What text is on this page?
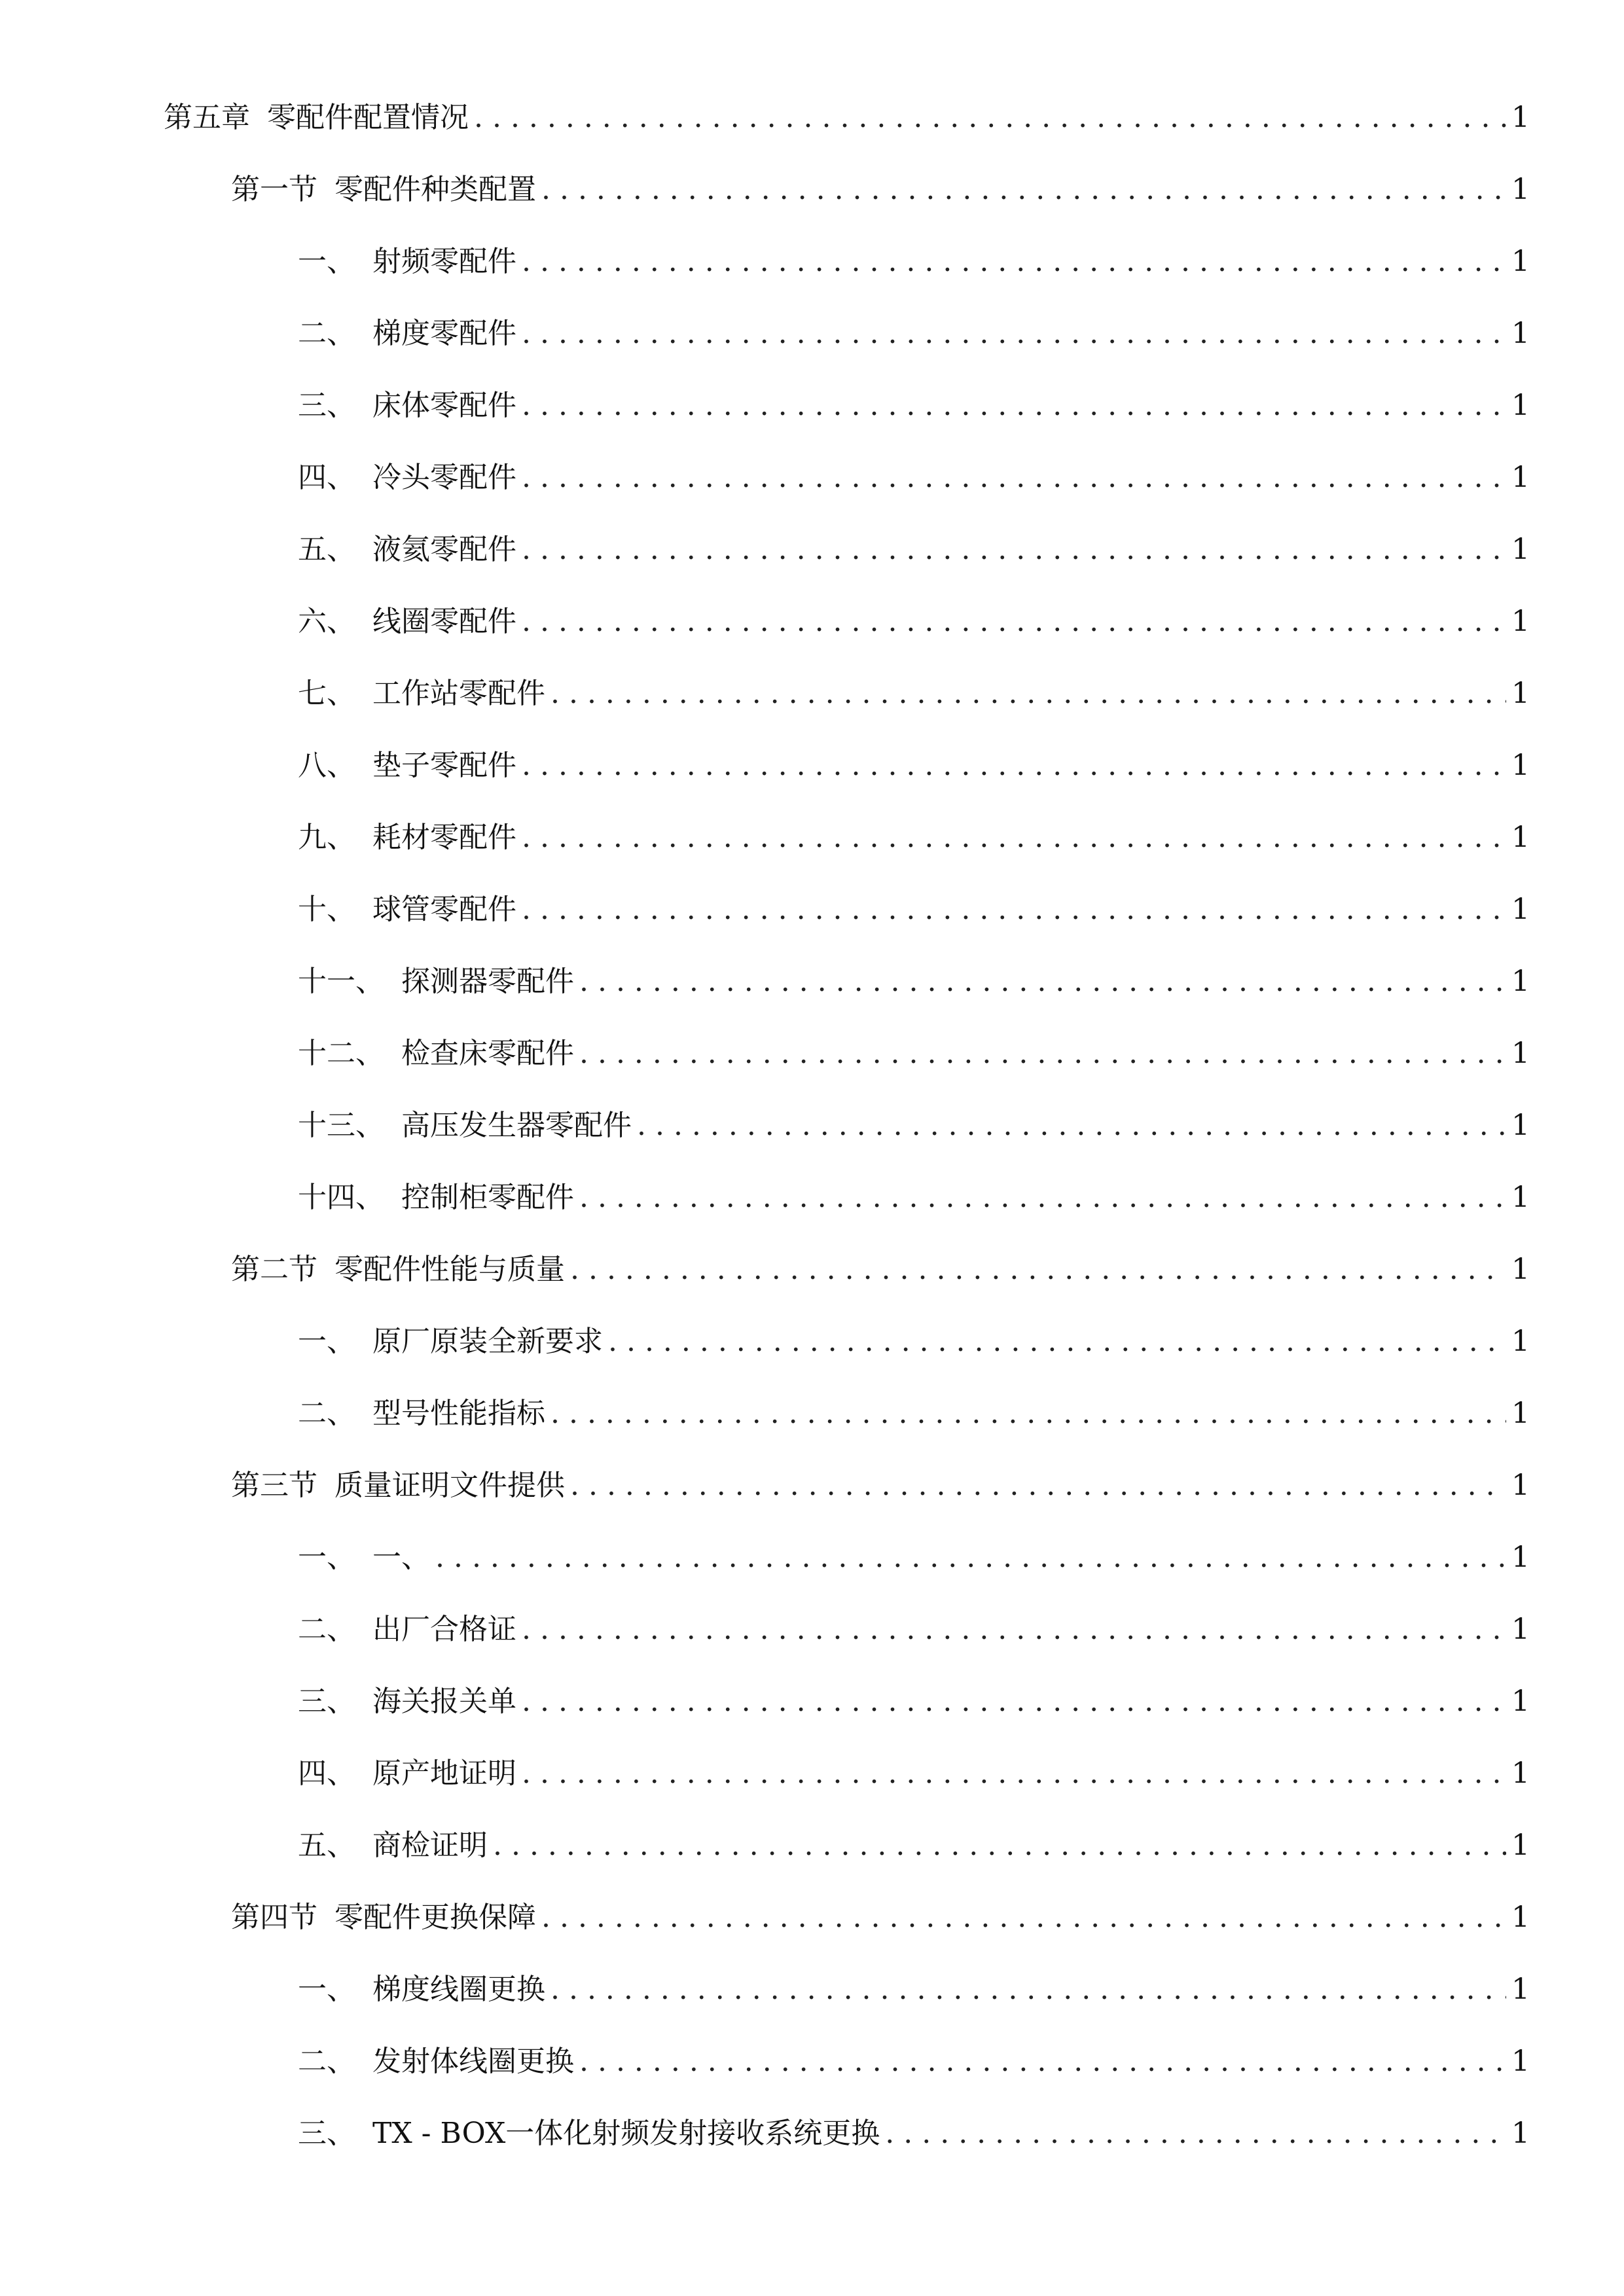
第五章 零配件配置情况 . . .	1
第一节 零配件种类配置 . . .	1
一、 射频零配件 . . .	1
二、 梯度零配件 . . .	1
三、 床体零配件 . . .	1
四、 冷头零配件 . . .	1
五、 液氦零配件 . . .	1
六、 线圈零配件 . . .	1
七、 工作站零配件 . . .	1
八、 垫子零配件 . . .	1
九、 耗材零配件 . . .	1
十、 球管零配件 . . .	1
十一、 探测器零配件 . . .	1
十二、 检查床零配件 . . .	1
十三、 高压发生器零配件 . . .	1
十四、 控制柜零配件 . . .	1
第二节 零配件性能与质量 . . .	1
一、 原厂原装全新要求 . . .	1
二、 型号性能指标 . . .	1
第三节 质量证明文件提供 . . .	1
一、 一、 . . .	1
二、 出厂合格证 . . .	1
三、 海关报关单 . . .	1
四、 原产地证明 . . .	1
五、 商检证明 . . .	1
第四节 零配件更换保障 . . .	1
一、 梯度线圈更换 . . .	1
二、 发射体线圈更换 . . .	1
三、 TX - BOX一体化射频发射接收系统更换 . . .	1
